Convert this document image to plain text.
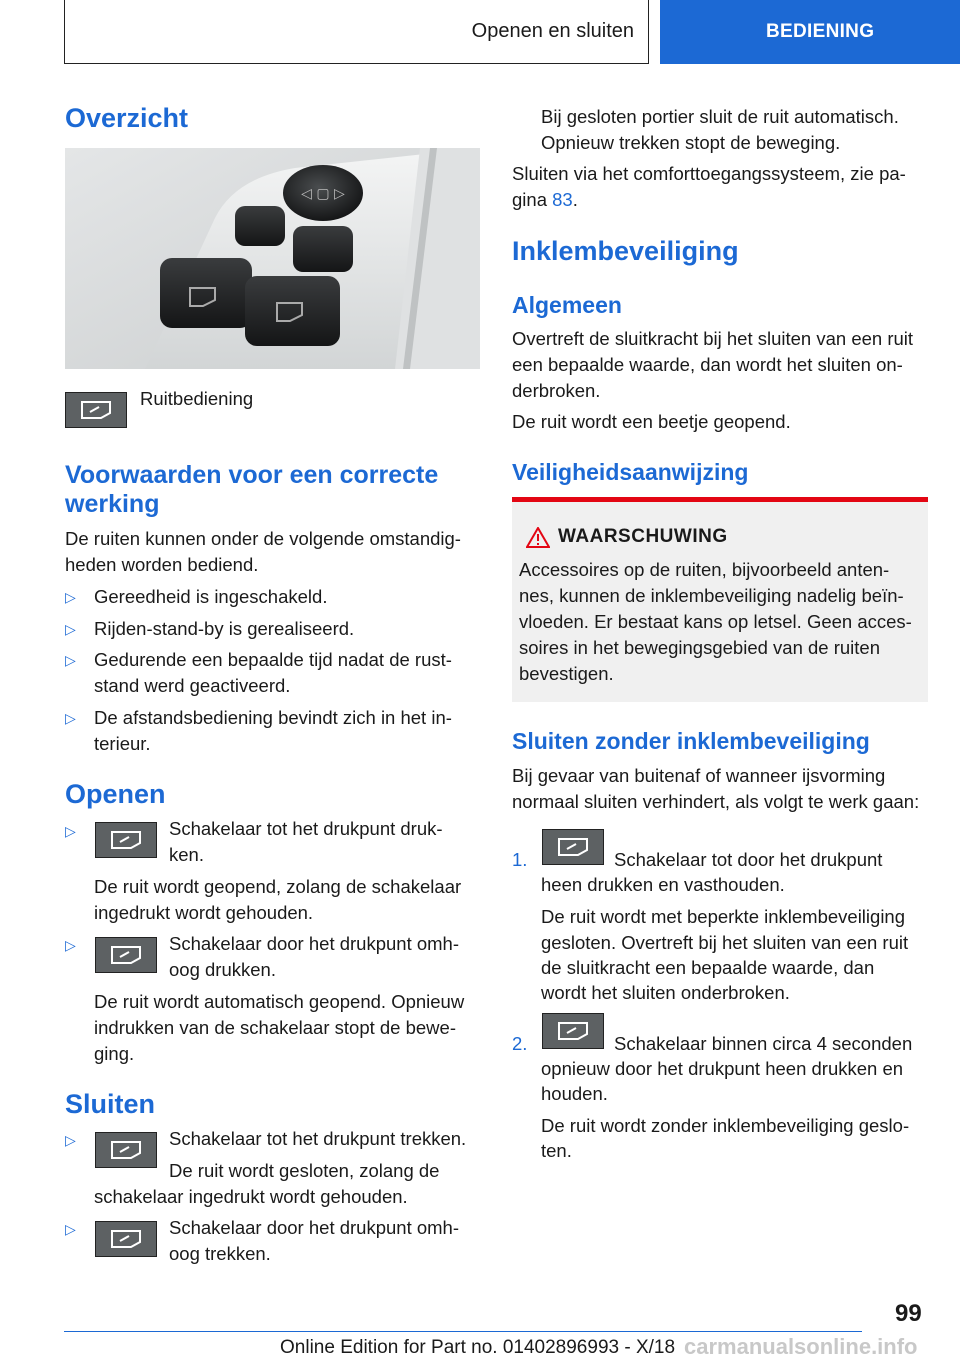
Openen en sluiten	BEDIENING
Overzicht
◁ ▢ ▷
Ruitbediening
Voorwaarden voor een correcte
werking
De ruiten kunnen onder de volgende omstandig-
heden worden bediend.
▷ Gereedheid is ingeschakeld.
▷ Rijden-stand-by is gerealiseerd.
▷ Gedurende een bepaalde tijd nadat de rust-
stand werd geactiveerd.
▷ De afstandsbediening bevindt zich in het in-
terieur.
Openen
▷	Schakelaar tot het drukpunt druk-
ken.
De ruit wordt geopend, zolang de schakelaar
ingedrukt wordt gehouden.
▷	Schakelaar door het drukpunt omh-
oog drukken.
De ruit wordt automatisch geopend. Opnieuw
indrukken van de schakelaar stopt de bewe-
ging.
Sluiten
▷	Schakelaar tot het drukpunt trekken.
De ruit wordt gesloten, zolang de
schakelaar ingedrukt wordt gehouden.
▷	Schakelaar door het drukpunt omh-
oog trekken.
Bij gesloten portier sluit de ruit automatisch.
Opnieuw trekken stopt de beweging.
Sluiten via het comforttoegangssysteem, zie pa-
gina 83.
Inklembeveiliging
Algemeen
Overtreft de sluitkracht bij het sluiten van een ruit
een bepaalde waarde, dan wordt het sluiten on-
derbroken.
De ruit wordt een beetje geopend.
Veiligheidsaanwijzing
WAARSCHUWING
Accessoires op de ruiten, bijvoorbeeld anten-
nes, kunnen de inklembeveiliging nadelig beïn-
vloeden. Er bestaat kans op letsel. Geen acces-
soires in het bewegingsgebied van de ruiten
bevestigen.
Sluiten zonder inklembeveiliging
Bij gevaar van buitenaf of wanneer ijsvorming
normaal sluiten verhindert, als volgt te werk gaan:
1.	Schakelaar tot door het drukpunt
heen drukken en vasthouden.
De ruit wordt met beperkte inklembeveiliging
gesloten. Overtreft bij het sluiten van een ruit
de sluitkracht een bepaalde waarde, dan
wordt het sluiten onderbroken.
2.	Schakelaar binnen circa 4 seconden
opnieuw door het drukpunt heen drukken en
houden.
De ruit wordt zonder inklembeveiliging geslo-
ten.
99
Online Edition for Part no. 01402896993 - X/18 carmanualsonline.info
